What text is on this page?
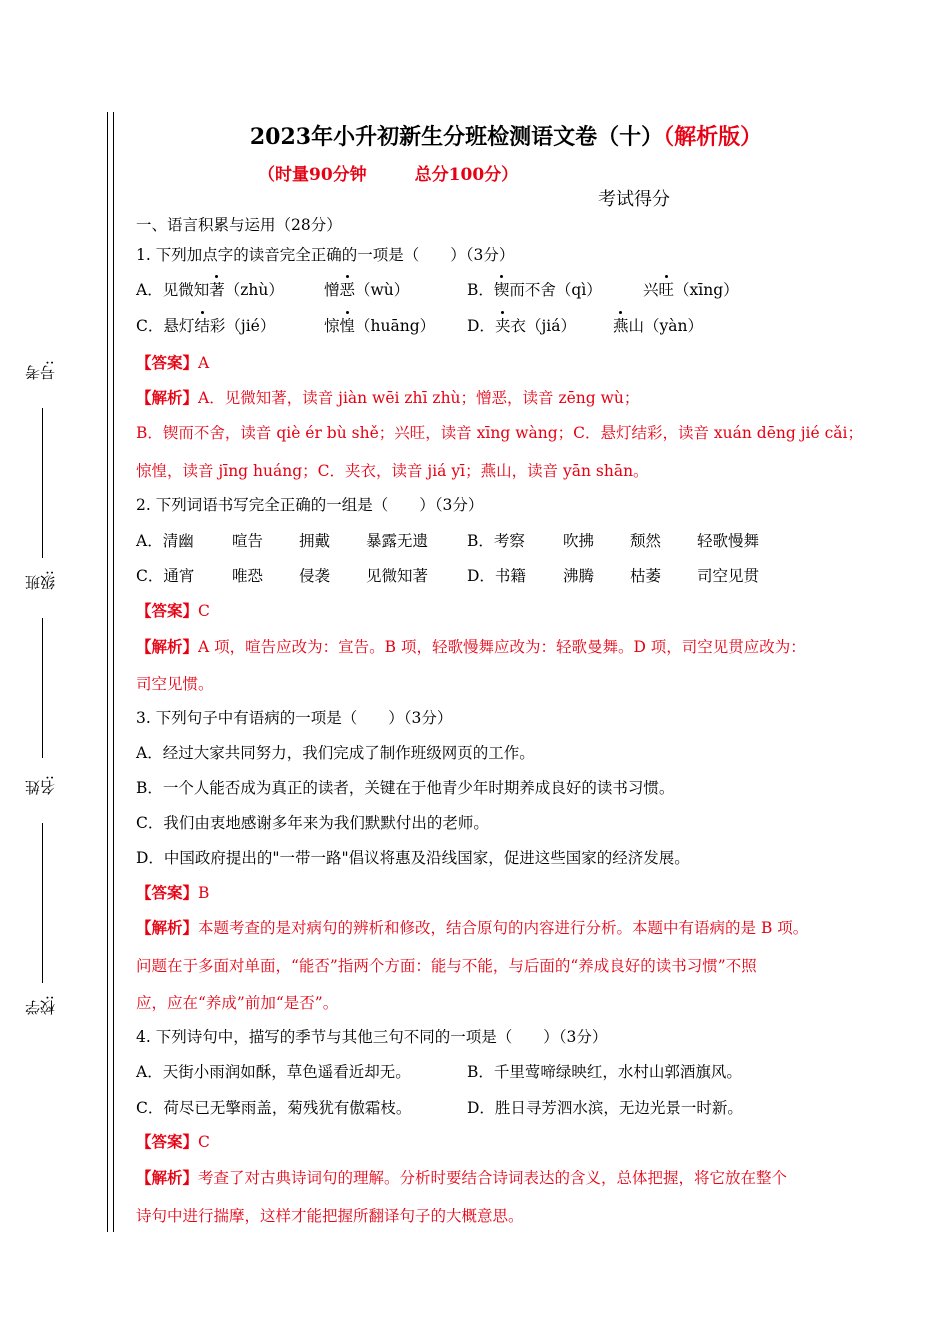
考号:
班级:
姓名:
学校:
2023年小升初新生分班检测语文卷（十）（解析版）
（时量90分钟	总分100分）
考试得分
一、语言积累与运用（28分）
1. 下列加点字的读音完全正确的一项是（　　）（3分）
A．见微知著（zhù）	憎恶（wù）	B．锲而不舍（qì）	兴旺（xīng）
C．悬灯结彩（jié）	惊惶（huāng） D．夹衣（jiá） 燕山（yàn）
【答案】A
【解析】A．见微知著，读音 jiàn wēi zhī zhù；憎恶，读音 zēng wù；
B．锲而不舍，读音 qiè ér bù shě；兴旺，读音 xīng wàng；C．悬灯结彩，读音 xuán dēng jié cǎi；
惊惶，读音 jīng huáng；C．夹衣，读音 jiá yī；燕山，读音 yān shān。
2. 下列词语书写完全正确的一组是（　　）（3分）
A．清幽 喧告 拥戴 暴露无遗	B．考察 吹拂 颓然 轻歌慢舞
C．通宵 唯恐 侵袭 见微知著	D．书籍 沸腾 枯萎 司空见贯
【答案】C
【解析】A 项，喧告应改为：宣告。B 项，轻歌慢舞应改为：轻歌曼舞。D 项，司空见贯应改为：
司空见惯。
3. 下列句子中有语病的一项是（　　）（3分）
A．经过大家共同努力，我们完成了制作班级网页的工作。
B．一个人能否成为真正的读者，关键在于他青少年时期养成良好的读书习惯。
C．我们由衷地感谢多年来为我们默默付出的老师。
D．中国政府提出的"一带一路"倡议将惠及沿线国家，促进这些国家的经济发展。
【答案】B
【解析】本题考查的是对病句的辨析和修改，结合原句的内容进行分析。本题中有语病的是 B 项。
问题在于多面对单面，“能否”指两个方面：能与不能，与后面的“养成良好的读书习惯”不照
应，应在“养成”前加“是否”。
4. 下列诗句中，描写的季节与其他三句不同的一项是（　　）（3分）
A．天街小雨润如酥，草色遥看近却无。	B．千里莺啼绿映红，水村山郭酒旗风。
C．荷尽已无擎雨盖，菊残犹有傲霜枝。	D．胜日寻芳泗水滨，无边光景一时新。
【答案】C
【解析】考查了对古典诗词句的理解。分析时要结合诗词表达的含义，总体把握，将它放在整个
诗句中进行揣摩，这样才能把握所翻译句子的大概意思。
